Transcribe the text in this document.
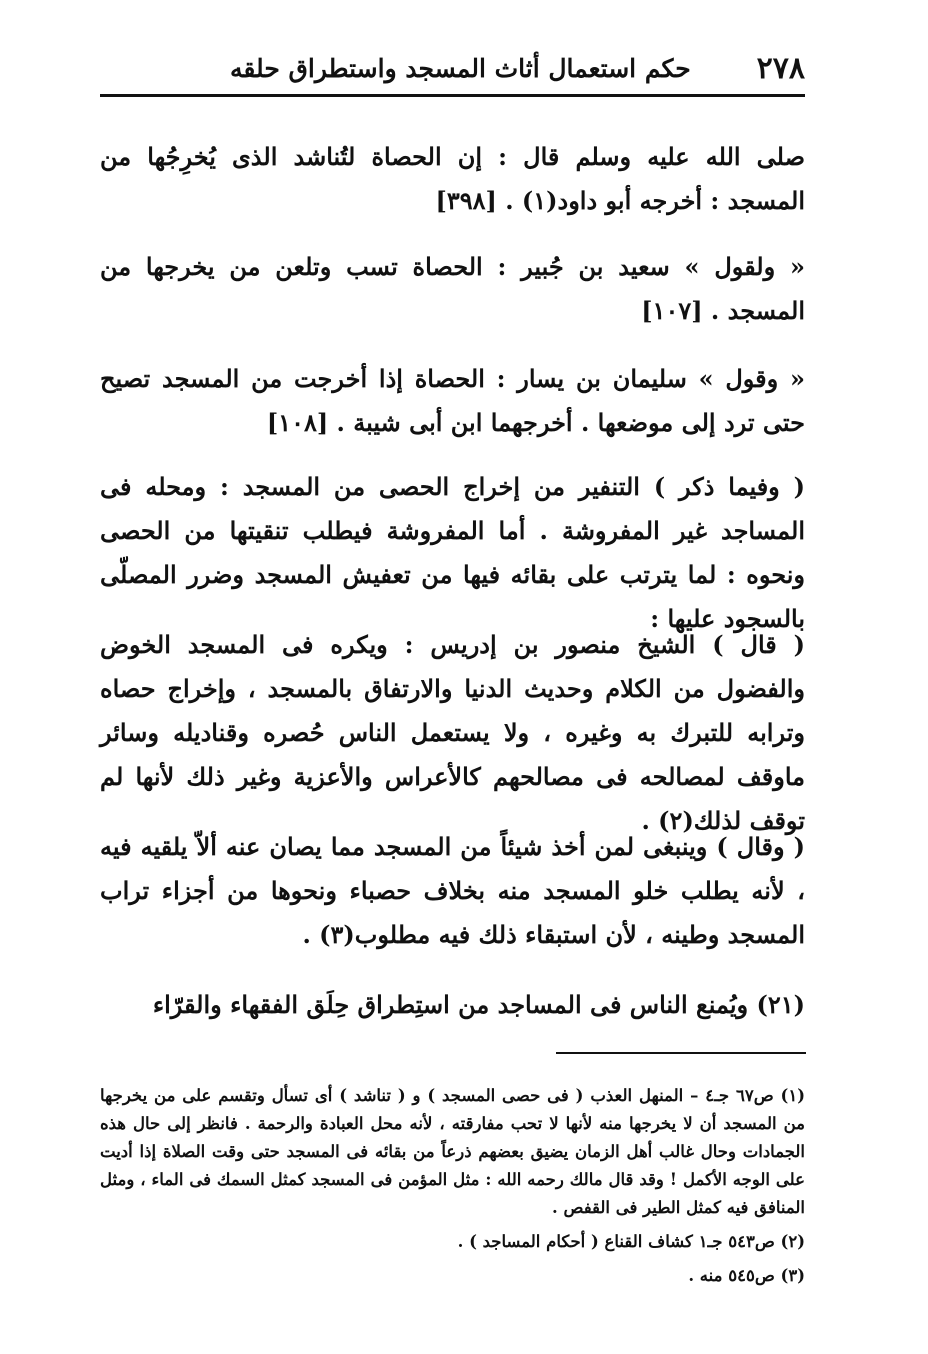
٢٧٨
حكم استعمال أثاث المسجد واستطراق حلقه

صلى الله عليه وسلم قال : إن الحصاة لتُناشد الذى يُخرِجُها من المسجد : أخرجه أبو داود(١) . [٣٩٨]

« ولقول » سعيد بن جُبير : الحصاة تسب وتلعن من يخرجها من المسجد . [١٠٧]

« وقول » سليمان بن يسار : الحصاة إذا أخرجت من المسجد تصيح حتى ترد إلى موضعها . أخرجهما ابن أبى شيبة . [١٠٨]

( وفيما ذكر ) التنفير من إخراج الحصى من المسجد : ومحله فى المساجد غير المفروشة . أما المفروشة فيطلب تنقيتها من الحصى ونحوه : لما يترتب على بقائه فيها من تعفيش المسجد وضرر المصلّى بالسجود عليها :

( قال ) الشيخ منصور بن إدريس : ويكره فى المسجد الخوض والفضول من الكلام وحديث الدنيا والارتفاق بالمسجد ، وإخراج حصاه وترابه للتبرك به وغيره ، ولا يستعمل الناس حُصره وقناديله وسائر ماوقف لمصالحه فى مصالحهم كالأعراس والأعزية وغير ذلك لأنها لم توقف لذلك(٢) .

( وقال ) وينبغى لمن أخذ شيئاً من المسجد مما يصان عنه ألاّ يلقيه فيه ، لأنه يطلب خلو المسجد منه بخلاف حصباء ونحوها من أجزاء تراب المسجد وطينه ، لأن استبقاء ذلك فيه مطلوب(٣) .

(٢١) ويُمنع الناس فى المساجد من استِطراق حِلَق الفقهاء والقرّاء

(١) ص٦٧ جـ٤ – المنهل العذب ( فى حصى المسجد ) و ( تناشد ) أى تسأل وتقسم على من يخرجها من المسجد أن لا يخرجها منه لأنها لا تحب مفارقته ، لأنه محل العبادة والرحمة . فانظر إلى حال هذه الجمادات وحال غالب أهل الزمان يضيق بعضهم ذرعاً من بقائه فى المسجد حتى وقت الصلاة إذا أديت على الوجه الأكمل ! وقد قال مالك رحمه الله : مثل المؤمن فى المسجد كمثل السمك فى الماء ، ومثل المنافق فيه كمثل الطير فى القفص .

(٢) ص٥٤٣ جـ١ كشاف القناع ( أحكام المساجد ) .

(٣) ص٥٤٥ منه .
